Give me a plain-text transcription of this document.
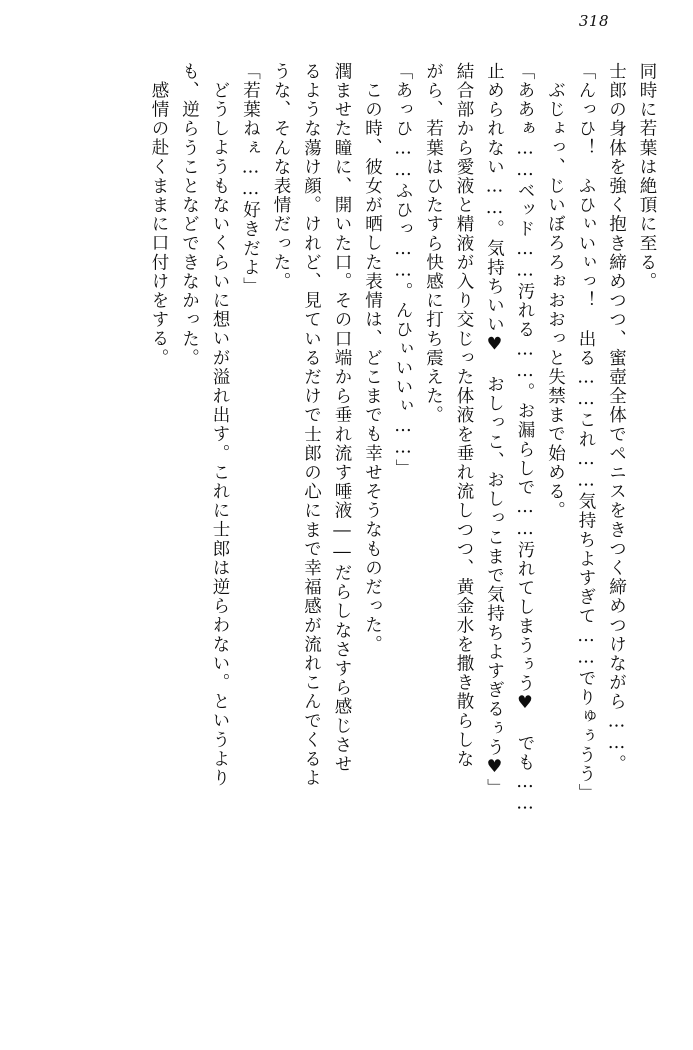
318
同時に若葉は絶頂に至る。
士郎の身体を強く抱き締めつつ、蜜壺全体でペニスをきつく締めつけながら……。
「んっひ！　ふひぃいぃっ！　出る……これ……気持ちよすぎて……でりゅぅうう」
ぶじょっ、じいぼろろぉおおっと失禁まで始める。
「ああぁ……ベッド……汚れる……。お漏らしで……汚れてしまうぅう♥　でも……
止められない……。気持ちいい♥　おしっこ、おしっこまで気持ちよすぎるぅう♥」
結合部から愛液と精液が入り交じった体液を垂れ流しつつ、黄金水を撒き散らしな
がら、若葉はひたすら快感に打ち震えた。
「あっひ……ふひっ……。んひぃいいぃ……」
この時、彼女が晒した表情は、どこまでも幸せそうなものだった。
潤ませた瞳に、開いた口。その口端から垂れ流す唾液――だらしなさすら感じさせ
るような蕩け顔。けれど、見ているだけで士郎の心にまで幸福感が流れこんでくるよ
うな、そんな表情だった。
「若葉ねぇ……好きだよ」
どうしようもないくらいに想いが溢れ出す。これに士郎は逆らわない。というより
も、逆らうことなどできなかった。
感情の赴くままに口付けをする。
